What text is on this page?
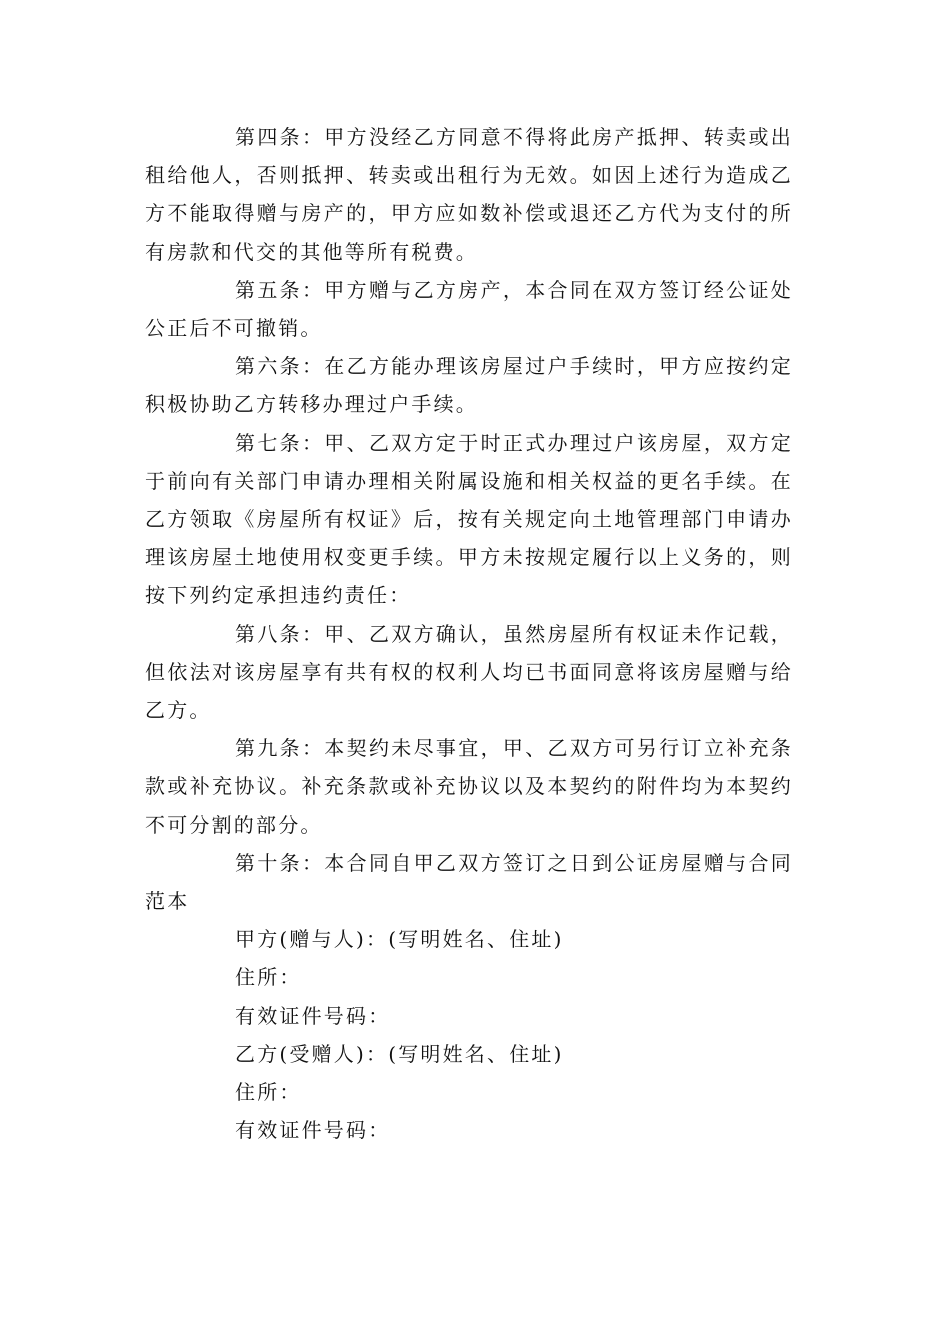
第四条：甲方没经乙方同意不得将此房产抵押、转卖或出租给他人，否则抵押、转卖或出租行为无效。如因上述行为造成乙方不能取得赠与房产的，甲方应如数补偿或退还乙方代为支付的所有房款和代交的其他等所有税费。

第五条：甲方赠与乙方房产，本合同在双方签订经公证处公正后不可撤销。

第六条：在乙方能办理该房屋过户手续时，甲方应按约定积极协助乙方转移办理过户手续。

第七条：甲、乙双方定于时正式办理过户该房屋，双方定于前向有关部门申请办理相关附属设施和相关权益的更名手续。在乙方领取《房屋所有权证》后，按有关规定向土地管理部门申请办理该房屋土地使用权变更手续。甲方未按规定履行以上义务的，则按下列约定承担违约责任：

第八条：甲、乙双方确认，虽然房屋所有权证未作记载，但依法对该房屋享有共有权的权利人均已书面同意将该房屋赠与给乙方。

第九条：本契约未尽事宜，甲、乙双方可另行订立补充条款或补充协议。补充条款或补充协议以及本契约的附件均为本契约不可分割的部分。

第十条：本合同自甲乙双方签订之日到公证房屋赠与合同范本

甲方(赠与人)：(写明姓名、住址)

住所：

有效证件号码：

乙方(受赠人)：(写明姓名、住址)

住所：

有效证件号码：
